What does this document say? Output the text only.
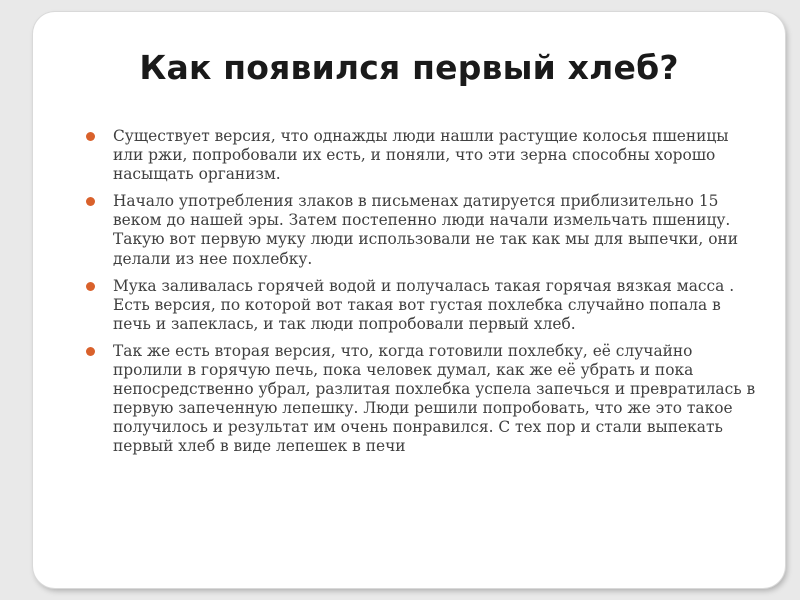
Как появился первый хлеб?
Существует версия, что однажды люди нашли растущие колосья пшеницы или ржи, попробовали их есть, и поняли, что эти зерна способны хорошо насыщать организм.
Начало употребления злаков в письменах датируется приблизительно 15 веком до нашей эры. Затем постепенно люди начали измельчать пшеницу. Такую вот первую муку люди использовали не так как мы для выпечки, они делали из нее похлебку.
Мука заливалась горячей водой и получалась такая горячая вязкая масса . Есть версия, по которой вот такая вот густая похлебка случайно попала в печь и запеклась, и так люди попробовали первый хлеб.
Так же есть вторая версия, что, когда готовили похлебку, её случайно пролили в горячую печь, пока человек думал, как же её убрать и пока непосредственно убрал, разлитая похлебка успела запечься и превратилась в первую запеченную лепешку. Люди решили попробовать, что же это такое получилось и результат им очень понравился. С тех пор и стали выпекать первый хлеб в виде лепешек в печи
